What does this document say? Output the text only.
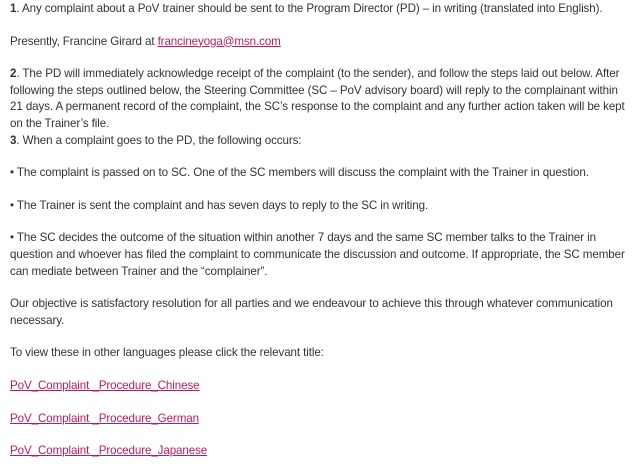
1. Any complaint about a PoV trainer should be sent to the Program Director (PD) – in writing (translated into English).

Presently, Francine Girard at francineyoga@msn.com

2. The PD will immediately acknowledge receipt of the complaint (to the sender), and follow the steps laid out below. After following the steps outlined below, the Steering Committee (SC – PoV advisory board) will reply to the complainant within 21 days. A permanent record of the complaint, the SC’s response to the complaint and any further action taken will be kept on the Trainer’s file.

3. When a complaint goes to the PD, the following occurs:

• The complaint is passed on to SC. One of the SC members will discuss the complaint with the Trainer in question.

• The Trainer is sent the complaint and has seven days to reply to the SC in writing.

• The SC decides the outcome of the situation within another 7 days and the same SC member talks to the Trainer in question and whoever has filed the complaint to communicate the discussion and outcome. If appropriate, the SC member can mediate between Trainer and the “complainer”.

Our objective is satisfactory resolution for all parties and we endeavour to achieve this through whatever communication necessary.

To view these in other languages please click the relevant title:

PoV_Complaint _Procedure_Chinese

PoV_Complaint _Procedure_German

PoV_Complaint _Procedure_Japanese
